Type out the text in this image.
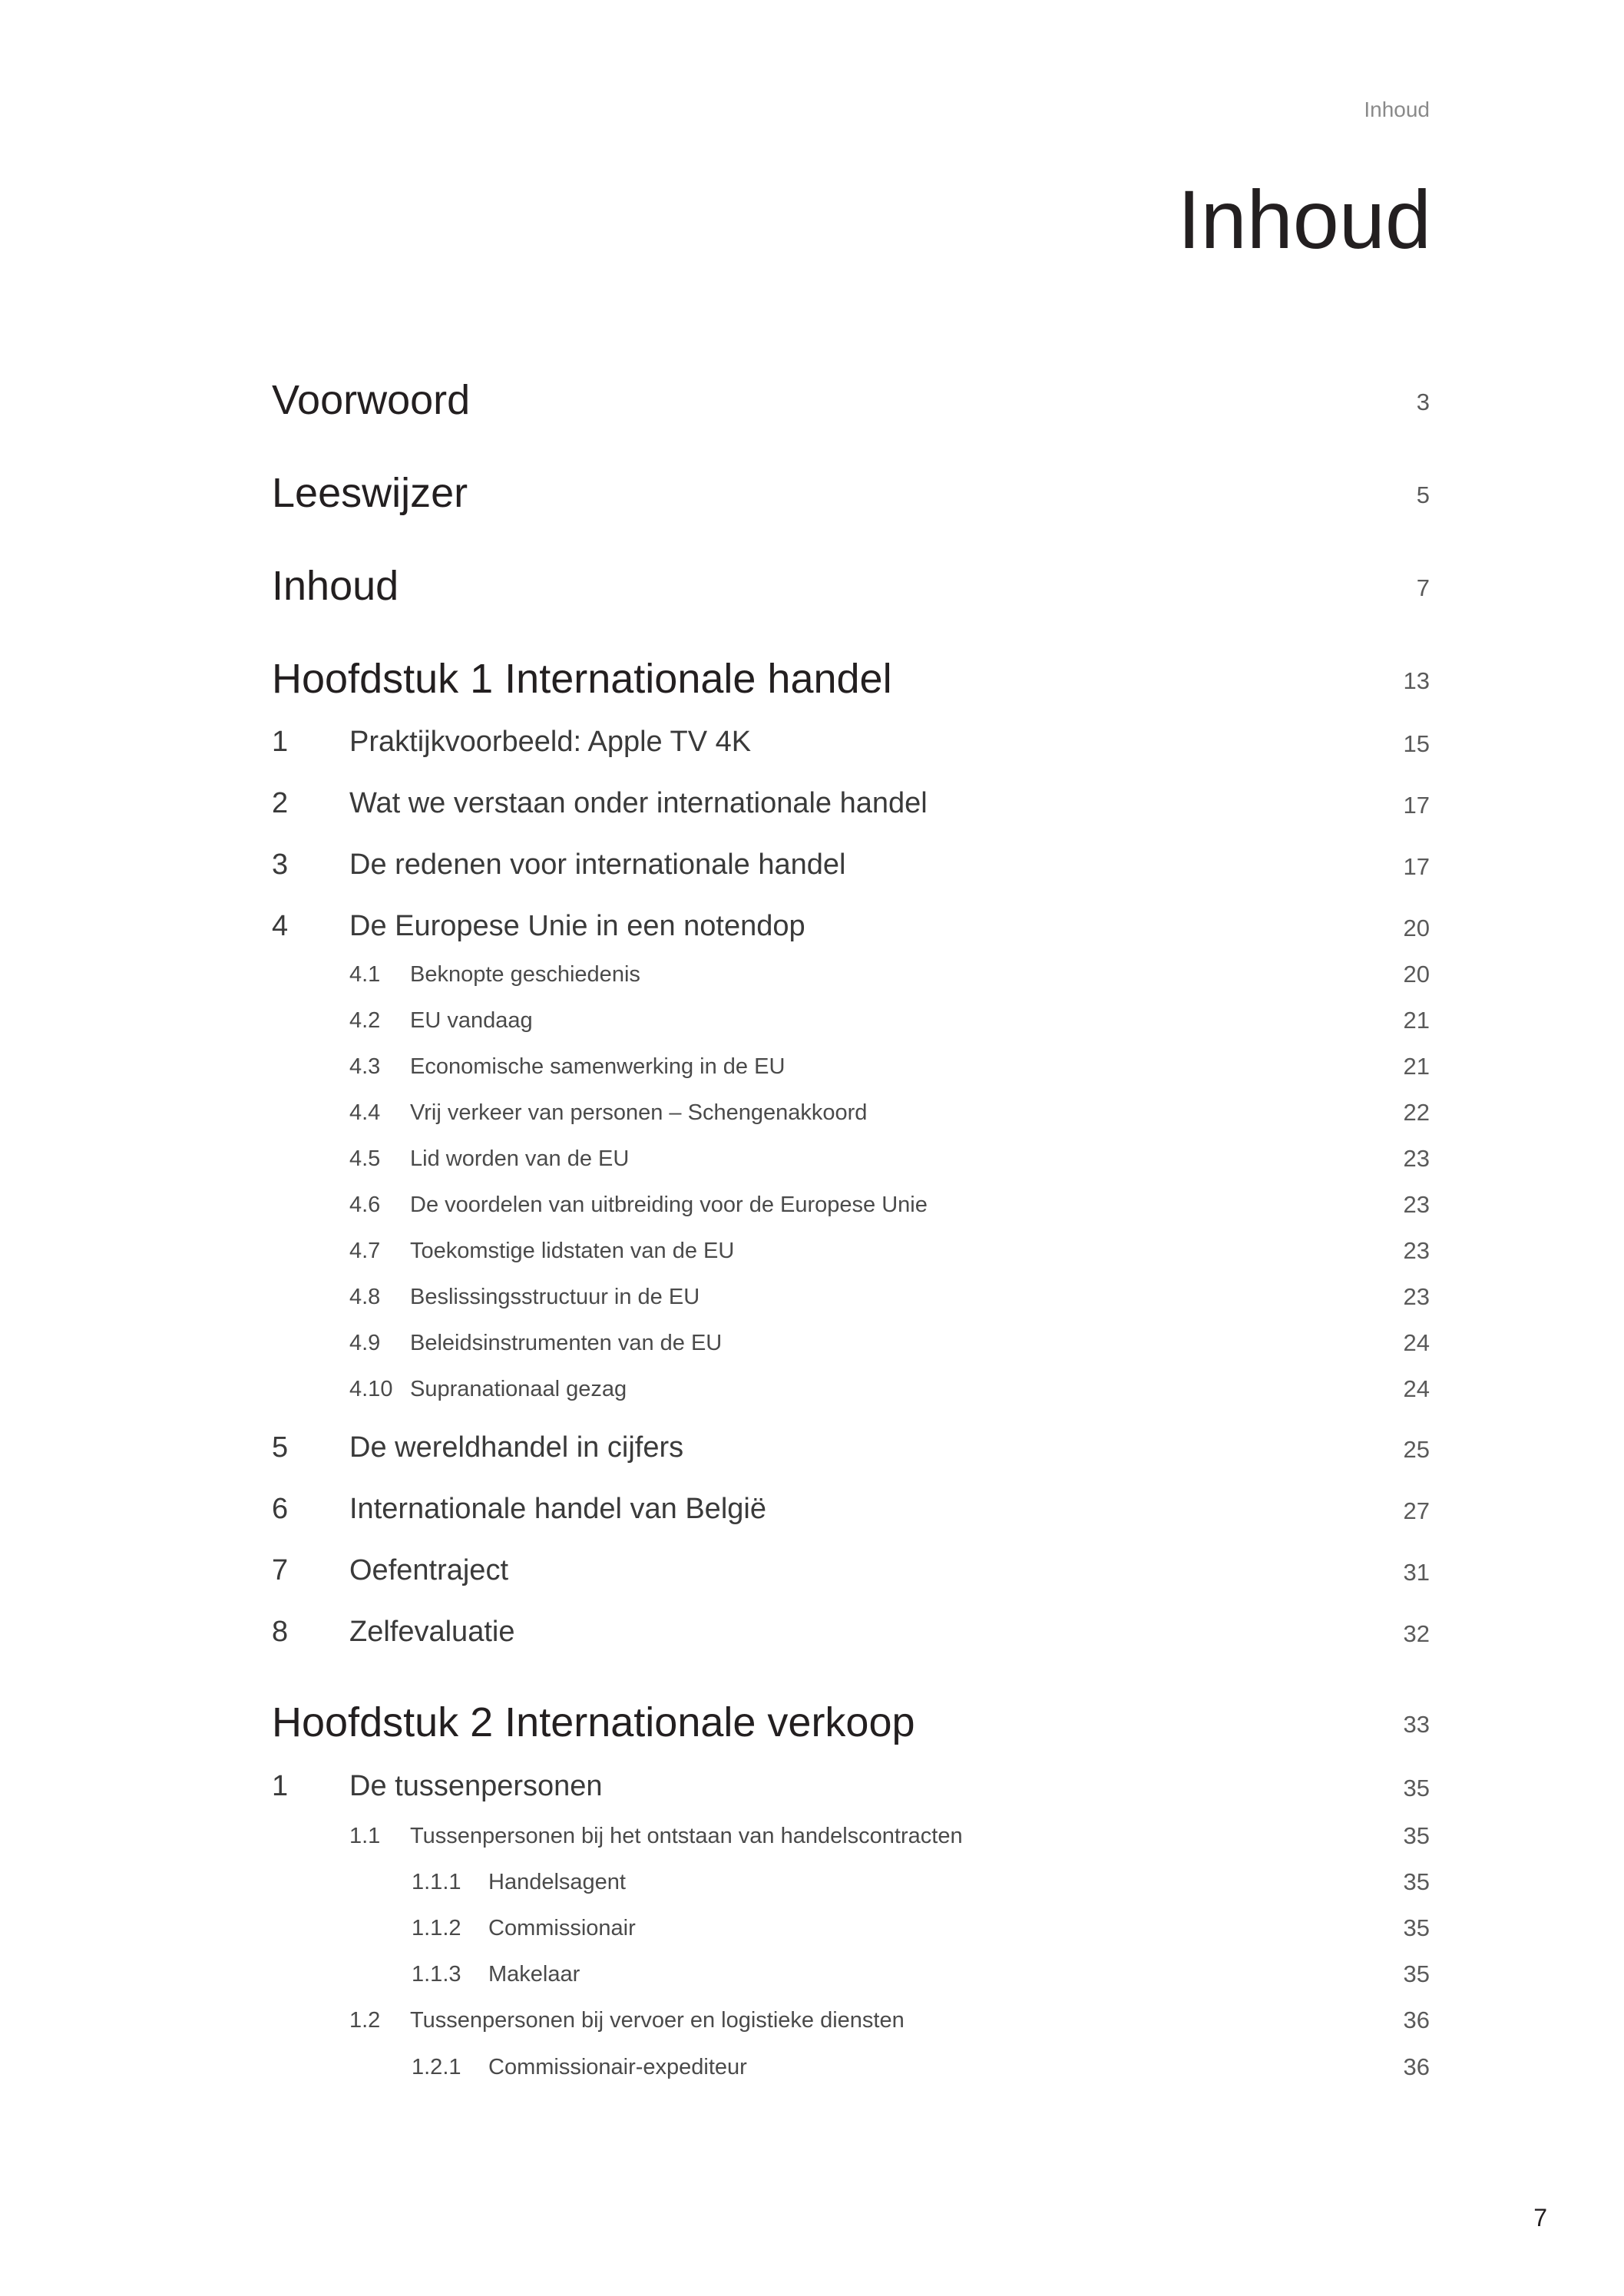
Inhoud
Inhoud
Voorwoord	3
Leeswijzer	5
Inhoud	7
Hoofdstuk 1 Internationale handel	13
1 Praktijkvoorbeeld: Apple TV 4K	15
2 Wat we verstaan onder internationale handel	17
3 De redenen voor internationale handel	17
4 De Europese Unie in een notendop	20
4.1 Beknopte geschiedenis	20
4.2 EU vandaag	21
4.3 Economische samenwerking in de EU	21
4.4 Vrij verkeer van personen – Schengenakkoord	22
4.5 Lid worden van de EU	23
4.6 De voordelen van uitbreiding voor de Europese Unie	23
4.7 Toekomstige lidstaten van de EU	23
4.8 Beslissingsstructuur in de EU	23
4.9 Beleidsinstrumenten van de EU	24
4.10 Supranationaal gezag	24
5 De wereldhandel in cijfers	25
6 Internationale handel van België	27
7 Oefentraject	31
8 Zelfevaluatie	32
Hoofdstuk 2 Internationale verkoop	33
1 De tussenpersonen	35
1.1 Tussenpersonen bij het ontstaan van handelscontracten	35
1.1.1 Handelsagent	35
1.1.2 Commissionair	35
1.1.3 Makelaar	35
1.2 Tussenpersonen bij vervoer en logistieke diensten	36
1.2.1 Commissionair-expediteur	36
7
